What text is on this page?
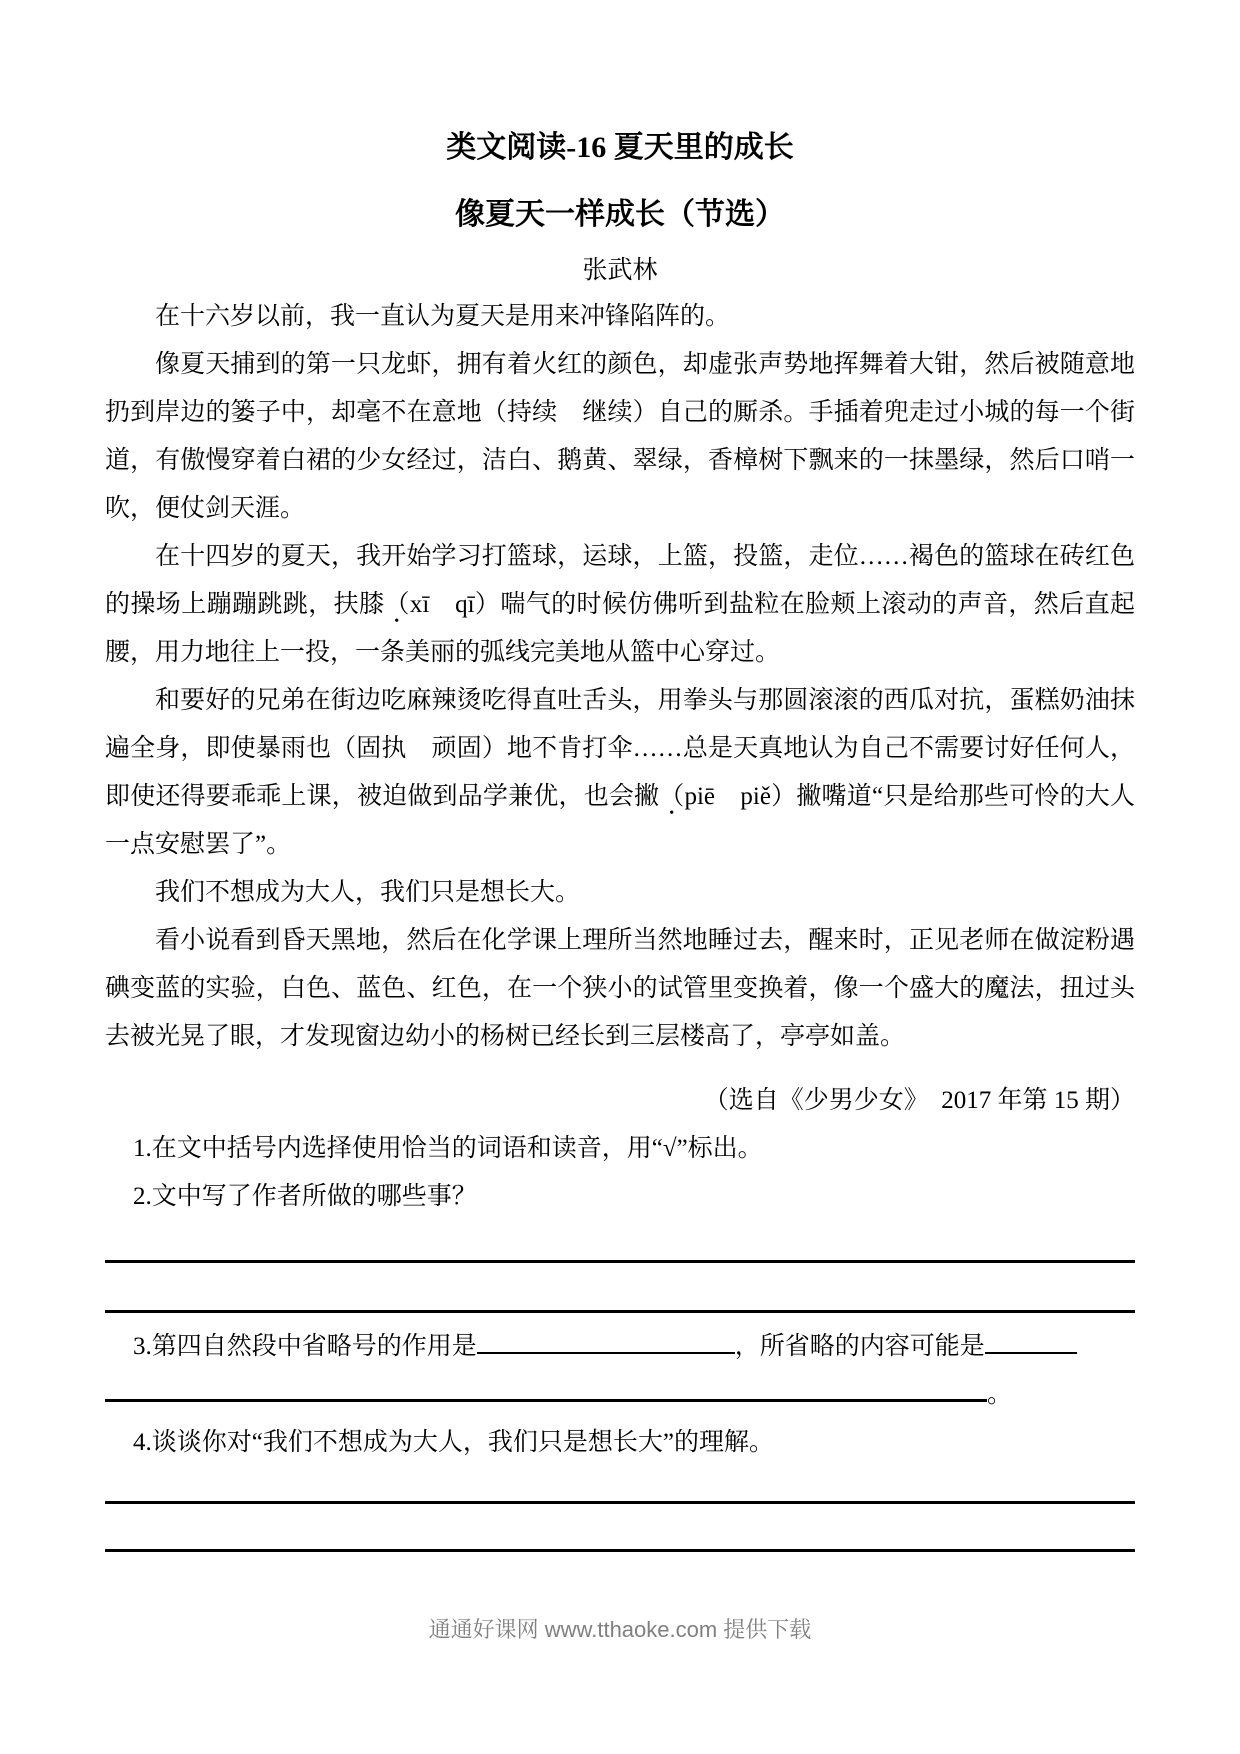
类文阅读-16 夏天里的成长
像夏天一样成长（节选）
张武林

在十六岁以前，我一直认为夏天是用来冲锋陷阵的。

像夏天捕到的第一只龙虾，拥有着火红的颜色，却虚张声势地挥舞着大钳，然后被随意地扔到岸边的篓子中，却毫不在意地（持续　继续）自己的厮杀。手插着兜走过小城的每一个街道，有傲慢穿着白裙的少女经过，洁白、鹅黄、翠绿，香樟树下飘来的一抹墨绿，然后口哨一吹，便仗剑天涯。

在十四岁的夏天，我开始学习打篮球，运球，上篮，投篮，走位……褐色的篮球在砖红色的操场上蹦蹦跳跳，扶膝（xī　qī）喘气的时候仿佛听到盐粒在脸颊上滚动的声音，然后直起腰，用力地往上一投，一条美丽的弧线完美地从篮中心穿过。

和要好的兄弟在街边吃麻辣烫吃得直吐舌头，用拳头与那圆滚滚的西瓜对抗，蛋糕奶油抹遍全身，即使暴雨也（固执　顽固）地不肯打伞……总是天真地认为自己不需要讨好任何人，即使还得要乖乖上课，被迫做到品学兼优，也会撇（piē　piě）撇嘴道“只是给那些可怜的大人一点安慰罢了”。

我们不想成为大人，我们只是想长大。

看小说看到昏天黑地，然后在化学课上理所当然地睡过去，醒来时，正见老师在做淀粉遇碘变蓝的实验，白色、蓝色、红色，在一个狭小的试管里变换着，像一个盛大的魔法，扭过头去被光晃了眼，才发现窗边幼小的杨树已经长到三层楼高了，亭亭如盖。

（选自《少男少女》　2017 年第 15 期）
1.在文中括号内选择使用恰当的词语和读音，用“√”标出。
2.文中写了作者所做的哪些事？
3.第四自然段中省略号的作用是	，所省略的内容可能是
。
4.谈谈你对“我们不想成为大人，我们只是想长大”的理解。
通通好课网 www.tthaoke.com 提供下载
